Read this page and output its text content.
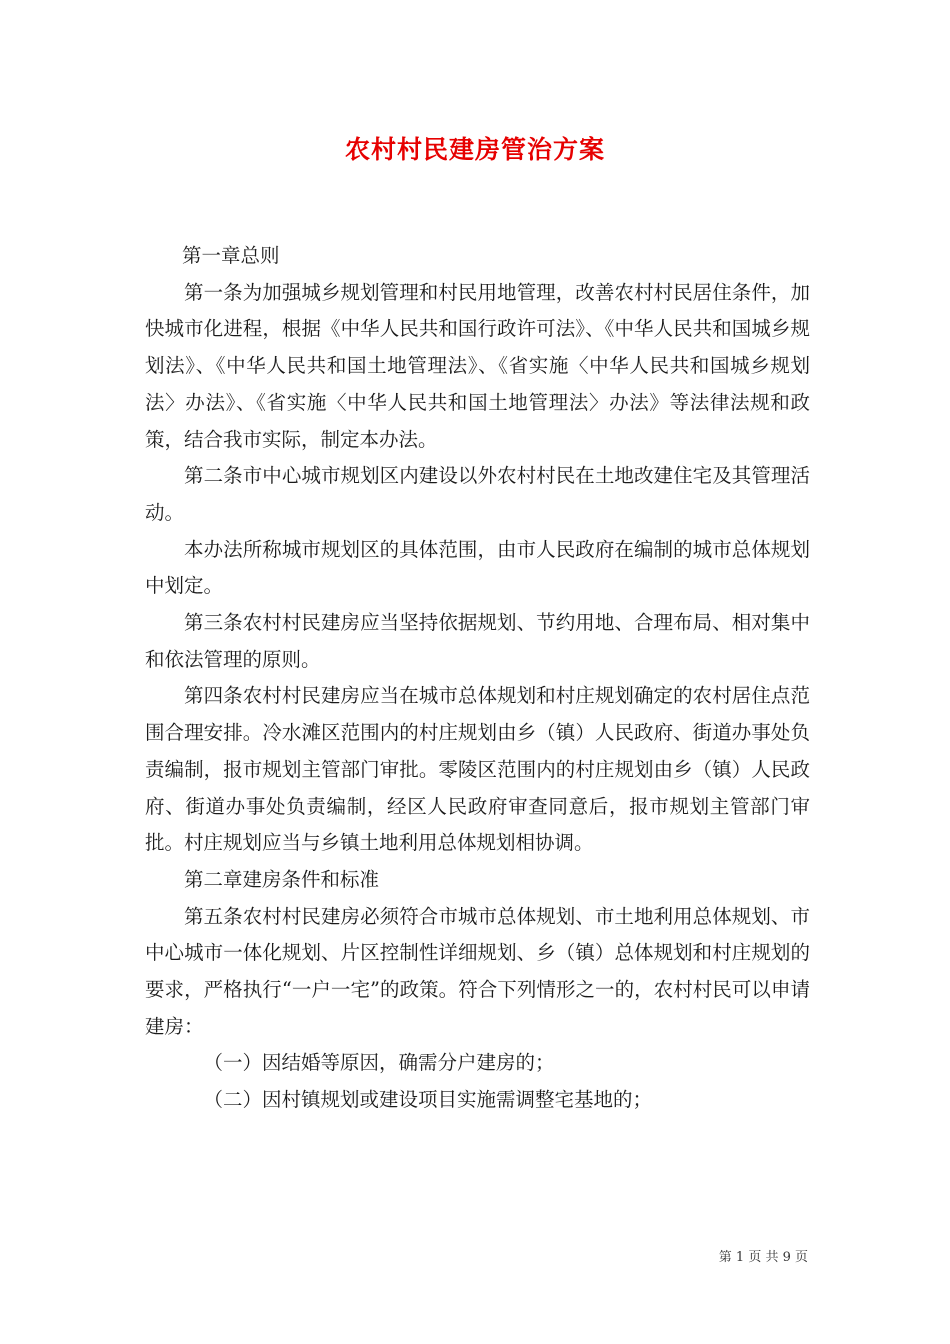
农村村民建房管治方案

第一章总则

第一条为加强城乡规划管理和村民用地管理，改善农村村民居住条件，加快城市化进程，根据《中华人民共和国行政许可法》、《中华人民共和国城乡规划法》、《中华人民共和国土地管理法》、《省实施〈中华人民共和国城乡规划法〉办法》、《省实施〈中华人民共和国土地管理法〉办法》等法律法规和政策，结合我市实际，制定本办法。

第二条市中心城市规划区内建设以外农村村民在土地改建住宅及其管理活动。

本办法所称城市规划区的具体范围，由市人民政府在编制的城市总体规划中划定。

第三条农村村民建房应当坚持依据规划、节约用地、合理布局、相对集中和依法管理的原则。

第四条农村村民建房应当在城市总体规划和村庄规划确定的农村居住点范围合理安排。冷水滩区范围内的村庄规划由乡（镇）人民政府、街道办事处负责编制，报市规划主管部门审批。零陵区范围内的村庄规划由乡（镇）人民政府、街道办事处负责编制，经区人民政府审查同意后，报市规划主管部门审批。村庄规划应当与乡镇土地利用总体规划相协调。

第二章建房条件和标准

第五条农村村民建房必须符合市城市总体规划、市土地利用总体规划、市中心城市一体化规划、片区控制性详细规划、乡（镇）总体规划和村庄规划的要求，严格执行“一户一宅”的政策。符合下列情形之一的，农村村民可以申请建房：

（一）因结婚等原因，确需分户建房的；

（二）因村镇规划或建设项目实施需调整宅基地的；

第 1 页 共 9 页
